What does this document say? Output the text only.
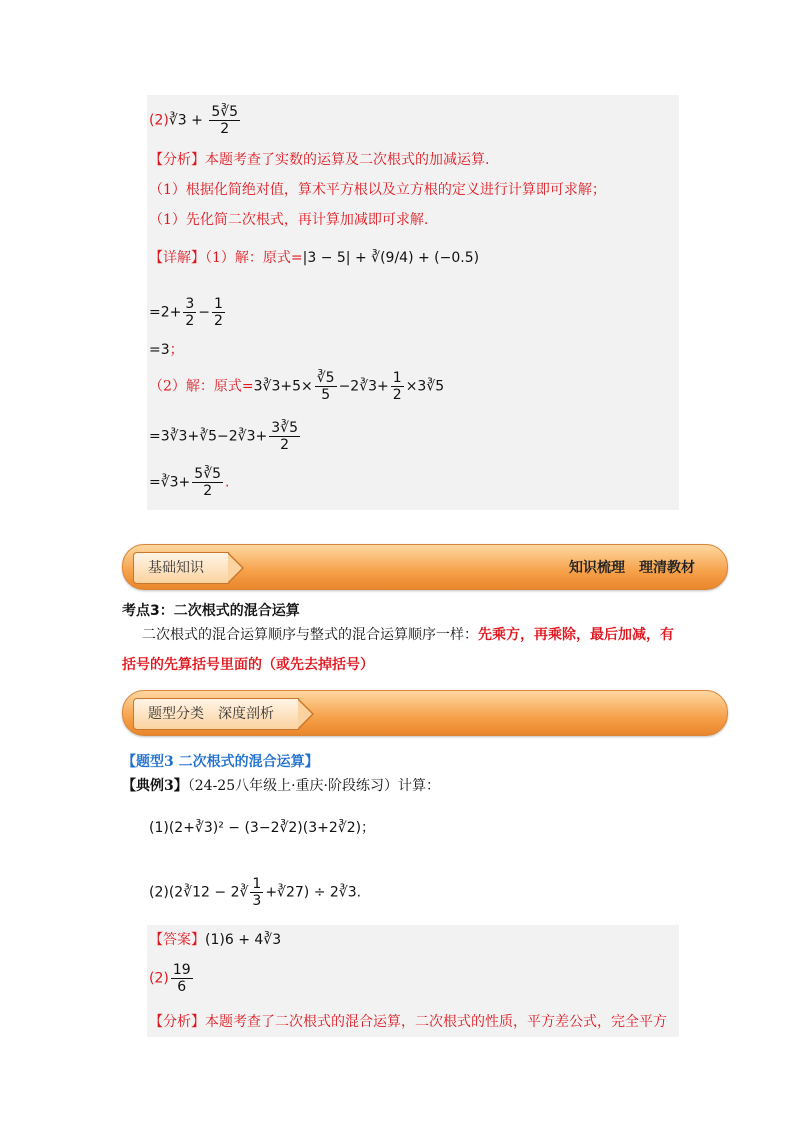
(2)∛3 + $\frac{5∛5}{2}$
【分析】本题考查了实数的运算及二次根式的加减运算.
（1）根据化简绝对值，算术平方根以及立方根的定义进行计算即可求解；
（1）先化简二次根式，再计算加减即可求解.
【详解】（1）解：原式=|3 − 5| + ∛(9/4) + (−0.5)
$=2+ \frac{3}{2} - \frac{1}{2}$
=3；
（2）解：原式=3∛3+5× $\frac{∛5}{5}$ −2∛3+ $\frac{1}{2}$ ×3∛5
=3∛3+∛5−2∛3+ $\frac{3∛5}{2}$
=∛3+ $\frac{5∛5}{2}$ .
基础知识	知识梳理　理清教材
考点3：二次根式的混合运算
二次根式的混合运算顺序与整式的混合运算顺序一样：先乘方，再乘除，最后加减，有
括号的先算括号里面的（或先去掉括号）
题型分类　深度剖析
【题型3 二次根式的混合运算】
【典例3】（24-25八年级上·重庆·阶段练习）计算：
(1)(2+∛3)² − (3−2∛2)(3+2∛2)；
(2)(2∛12 − 2∛ $\frac{1}{3}$ +∛27) ÷ 2∛3.
【答案】(1)6 + 4∛3
$(2) \frac{19}{6}$
【分析】本题考查了二次根式的混合运算，二次根式的性质，平方差公式，完全平方
